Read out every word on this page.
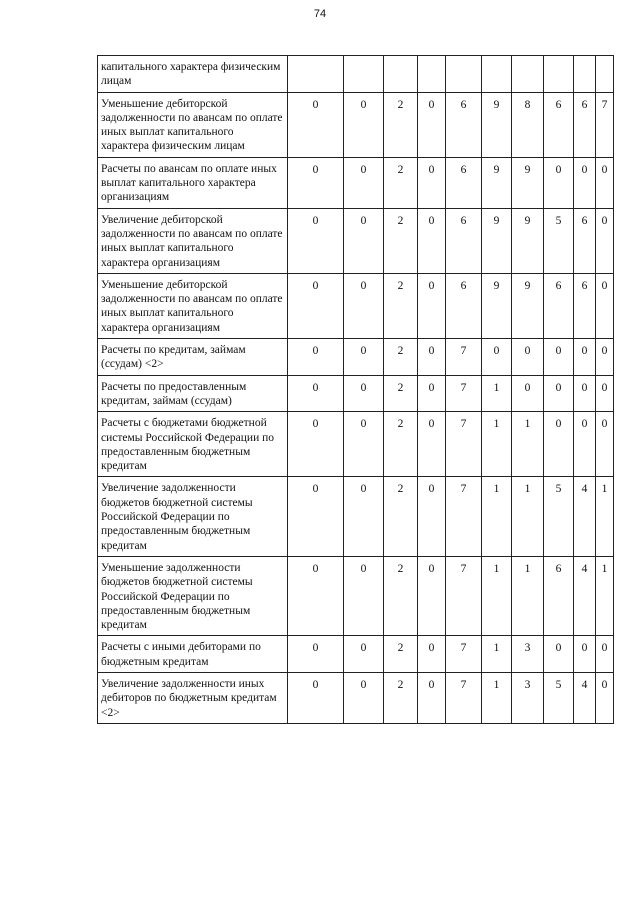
74
капитального характера физическим лицам										
Уменьшение дебиторской задолженности по авансам по оплате иных выплат капитального характера физическим лицам	0	0	2	0	6	9	8	6	6	7
Расчеты по авансам по оплате иных выплат капитального характера организациям	0	0	2	0	6	9	9	0	0	0
Увеличение дебиторской задолженности по авансам по оплате иных выплат капитального характера организациям	0	0	2	0	6	9	9	5	6	0
Уменьшение дебиторской задолженности по авансам по оплате иных выплат капитального характера организациям	0	0	2	0	6	9	9	6	6	0
Расчеты по кредитам, займам (ссудам) <2>	0	0	2	0	7	0	0	0	0	0
Расчеты по предоставленным кредитам, займам (ссудам)	0	0	2	0	7	1	0	0	0	0
Расчеты с бюджетами бюджетной системы Российской Федерации по предоставленным бюджетным кредитам	0	0	2	0	7	1	1	0	0	0
Увеличение задолженности бюджетов бюджетной системы Российской Федерации по предоставленным бюджетным кредитам	0	0	2	0	7	1	1	5	4	1
Уменьшение задолженности бюджетов бюджетной системы Российской Федерации по предоставленным бюджетным кредитам	0	0	2	0	7	1	1	6	4	1
Расчеты с иными дебиторами по бюджетным кредитам	0	0	2	0	7	1	3	0	0	0
Увеличение задолженности иных дебиторов по бюджетным кредитам <2>	0	0	2	0	7	1	3	5	4	0
